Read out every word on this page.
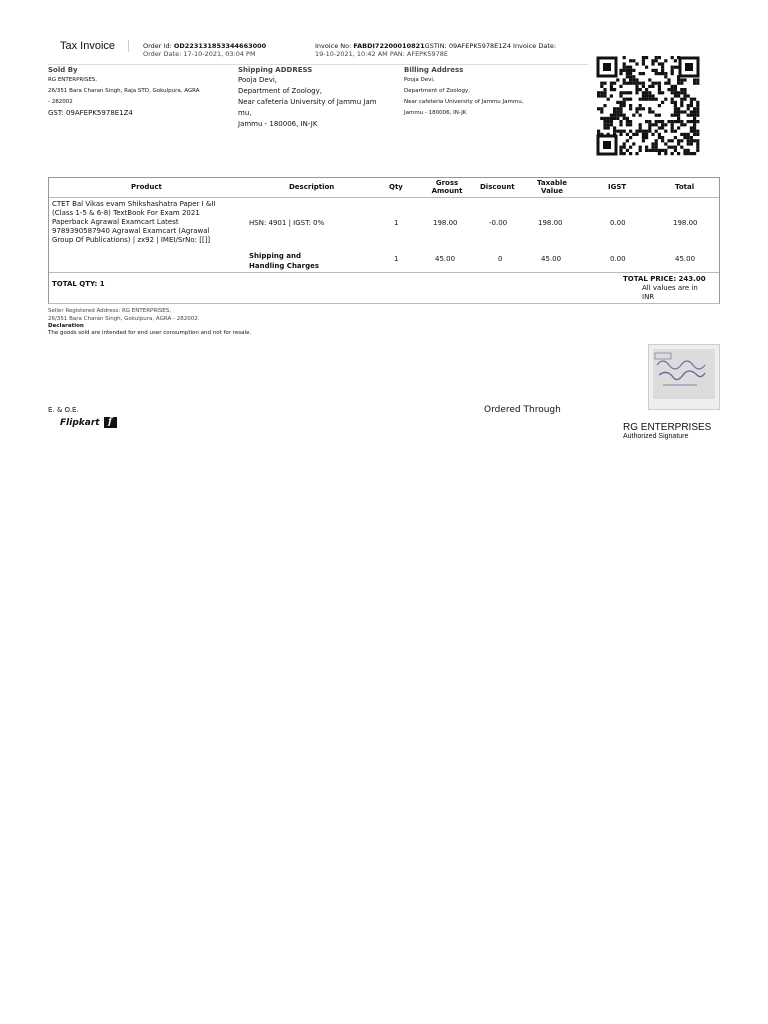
Tax Invoice	Order Id: OD223131853344663000
Order Date: 17-10-2021, 03:04 PM
Invoice No: FABDI72200010821GSTIN: 09AFEPK5978E1Z4 Invoice Date:
19-10-2021, 10:42 AM PAN: AFEPK5978E
Sold By
RG ENTERPRISES,
26/351 Bara Charan Singh, Raja STD, Gokulpura, AGRA
- 282002
GST: 09AFEPK5978E1Z4
Shipping ADDRESS
Pooja Devi,
Department of Zoology,
Near cafeteria University of Jammu Jam
mu,
Jammu - 180006, IN-JK
Billing Address
Pooja Devi,
Department of Zoology,
Near cafeteria University of Jammu Jammu,
Jammu - 180006, IN-JK
Product	Description	Qty	Gross Amount	Discount	Taxable Value	IGST	Total
CTET Bal Vikas evam Shikshashatra Paper I &II
(Class 1-5 & 6-8) TextBook For Exam 2021
Paperback Agrawal Examcart Latest
9789390587940 Agrawal Examcart (Agrawal
Group Of Publications) | zx92 | IMEI/SrNo: [[]]
HSN: 4901 | IGST: 0%	1	198.00	-0.00	198.00	0.00	198.00
Shipping and
Handling Charges
1	45.00	0	45.00	0.00	45.00
TOTAL QTY: 1
TOTAL PRICE: 243.00
All values are in
INR
Seller Registered Address: RG ENTERPRISES,
26/351 Bara Charan Singh, Gokulpura, AGRA - 282002.
Declaration
The goods sold are intended for end user consumption and not for resale.
E. & O.E.	Ordered Through
Flipkart f	RG ENTERPRISES
Authorized Signature
